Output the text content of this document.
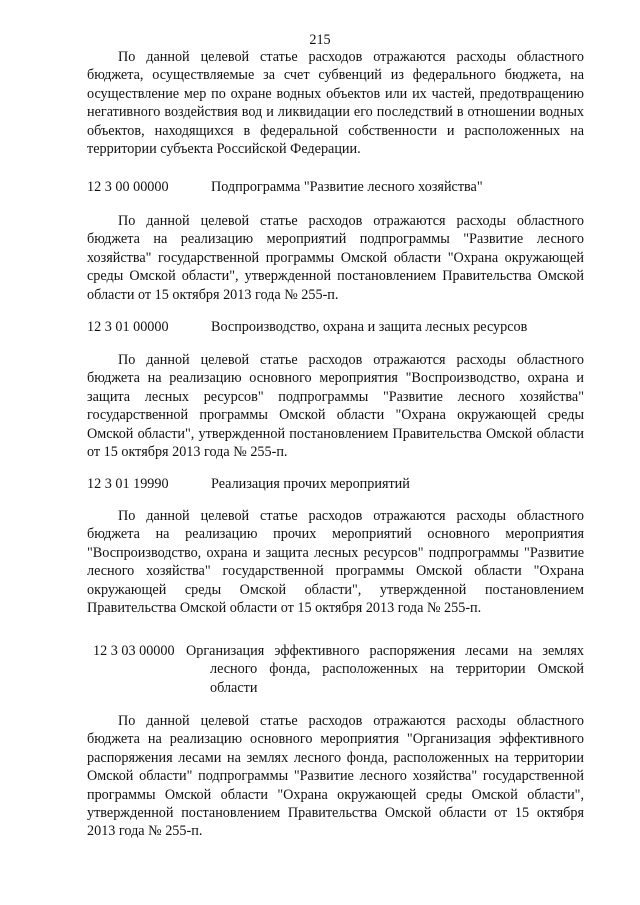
215

По данной целевой статье расходов отражаются расходы областного бюджета, осуществляемые за счет субвенций из федерального бюджета, на осуществление мер по охране водных объектов или их частей, предотвращению негативного воздействия вод и ликвидации его последствий в отношении водных объектов, находящихся в федеральной собственности и расположенных на территории субъекта Российской Федерации.

12 3 00 00000	Подпрограмма "Развитие лесного хозяйства"

По данной целевой статье расходов отражаются расходы областного бюджета на реализацию мероприятий подпрограммы "Развитие лесного хозяйства" государственной программы Омской области "Охрана окружающей среды Омской области", утвержденной постановлением Правительства Омской области от 15 октября 2013 года № 255-п.

12 3 01 00000	Воспроизводство, охрана и защита лесных ресурсов

По данной целевой статье расходов отражаются расходы областного бюджета на реализацию основного мероприятия "Воспроизводство, охрана и защита лесных ресурсов" подпрограммы "Развитие лесного хозяйства" государственной программы Омской области "Охрана окружающей среды Омской области", утвержденной постановлением Правительства Омской области от 15 октября 2013 года № 255-п.

12 3 01 19990	Реализация прочих мероприятий

По данной целевой статье расходов отражаются расходы областного бюджета на реализацию прочих мероприятий основного мероприятия "Воспроизводство, охрана и защита лесных ресурсов" подпрограммы "Развитие лесного хозяйства" государственной программы Омской области "Охрана окружающей среды Омской области", утвержденной постановлением Правительства Омской области от 15 октября 2013 года № 255-п.

12 3 03 00000 Организация эффективного распоряжения лесами на землях лесного фонда, расположенных на территории Омской области

По данной целевой статье расходов отражаются расходы областного бюджета на реализацию основного мероприятия "Организация эффективного распоряжения лесами на землях лесного фонда, расположенных на территории Омской области" подпрограммы "Развитие лесного хозяйства" государственной программы Омской области "Охрана окружающей среды Омской области", утвержденной постановлением Правительства Омской области от 15 октября 2013 года № 255-п.
